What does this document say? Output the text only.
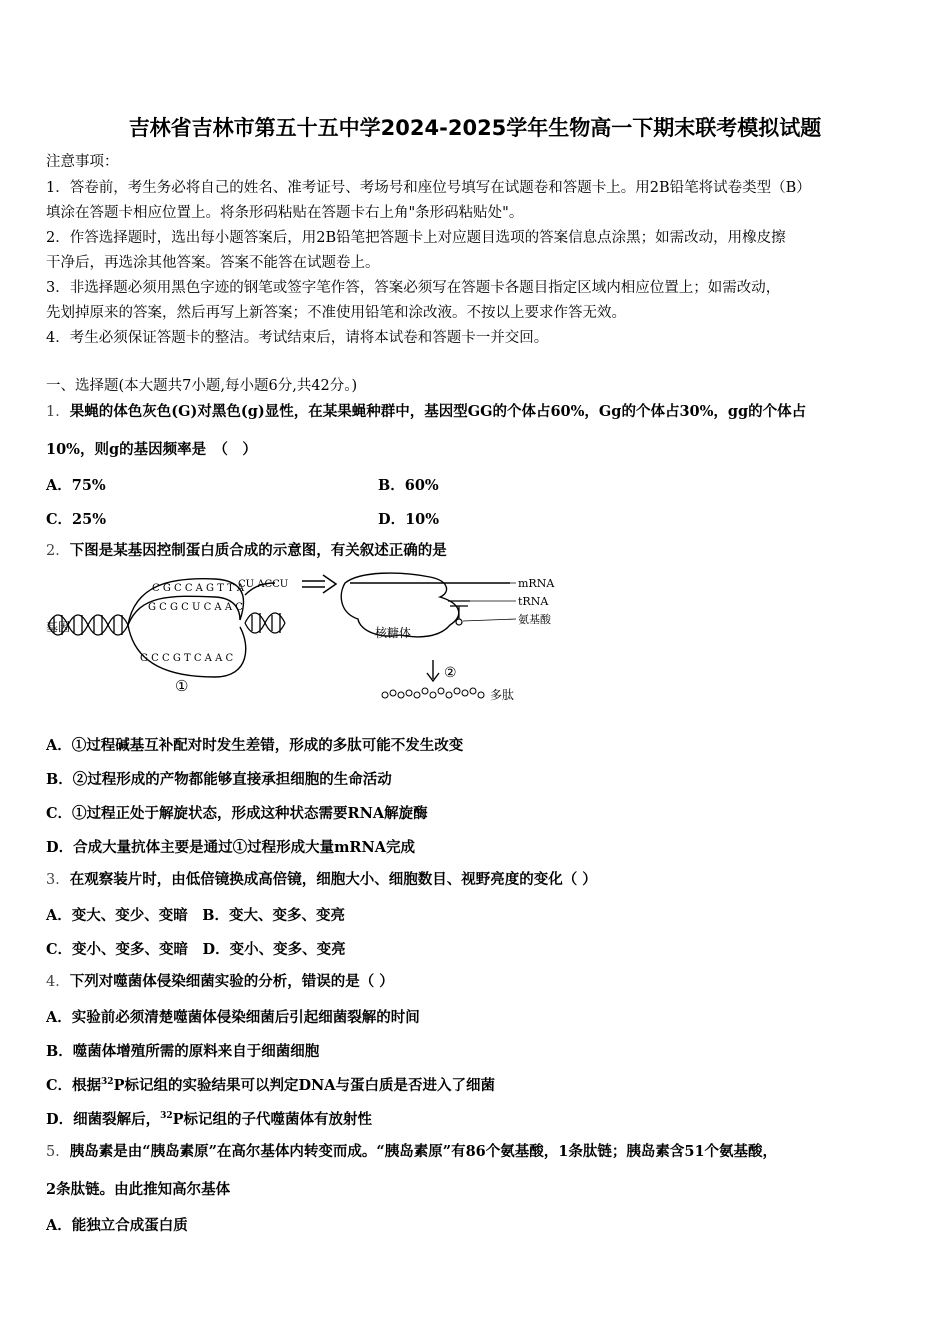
吉林省吉林市第五十五中学2024-2025学年生物高一下期末联考模拟试题
注意事项：
1．答卷前，考生务必将自己的姓名、准考证号、考场号和座位号填写在试题卷和答题卡上。用2B铅笔将试卷类型（B）
填涂在答题卡相应位置上。将条形码粘贴在答题卡右上角"条形码粘贴处"。
2．作答选择题时，选出每小题答案后，用2B铅笔把答题卡上对应题目选项的答案信息点涂黑；如需改动，用橡皮擦
干净后，再选涂其他答案。答案不能答在试题卷上。
3．非选择题必须用黑色字迹的钢笔或签字笔作答，答案必须写在答题卡各题目指定区域内相应位置上；如需改动，
先划掉原来的答案，然后再写上新答案；不准使用铅笔和涂改液。不按以上要求作答无效。
4．考生必须保证答题卡的整洁。考试结束后，请将本试卷和答题卡一并交回。
一、选择题(本大题共7小题,每小题6分,共42分。)
1．果蝇的体色灰色(G)对黑色(g)显性，在某果蝇种群中，基因型GG的个体占60%，Gg的个体占30%，gg的个体占
10%，则g的基因频率是　（　）
A．75%	B．60%
C．25%	D．10%
2．下图是某基因控制蛋白质合成的示意图，有关叙述正确的是
基因
C G C C A G T T A
G C G C U C A A C
CU ACCU
G C C G T C A A C
①
mRNA
tRNA
氨基酸
核糖体
②
多肽
A．①过程碱基互补配对时发生差错，形成的多肽可能不发生改变
B．②过程形成的产物都能够直接承担细胞的生命活动
C．①过程正处于解旋状态，形成这种状态需要RNA解旋酶
D．合成大量抗体主要是通过①过程形成大量mRNA完成
3．在观察装片时，由低倍镜换成高倍镜，细胞大小、细胞数目、视野亮度的变化（ ）
A．变大、变少、变暗　B．变大、变多、变亮
C．变小、变多、变暗　D．变小、变多、变亮
4．下列对噬菌体侵染细菌实验的分析，错误的是（ ）
A．实验前必须清楚噬菌体侵染细菌后引起细菌裂解的时间
B．噬菌体增殖所需的原料来自于细菌细胞
C．根据$^{32}$P标记组的实验结果可以判定DNA与蛋白质是否进入了细菌
D．细菌裂解后，$^{32}$P标记组的子代噬菌体有放射性
5．胰岛素是由“胰岛素原”在高尔基体内转变而成。“胰岛素原”有86个氨基酸，1条肽链；胰岛素含51个氨基酸，
2条肽链。由此推知高尔基体
A．能独立合成蛋白质
